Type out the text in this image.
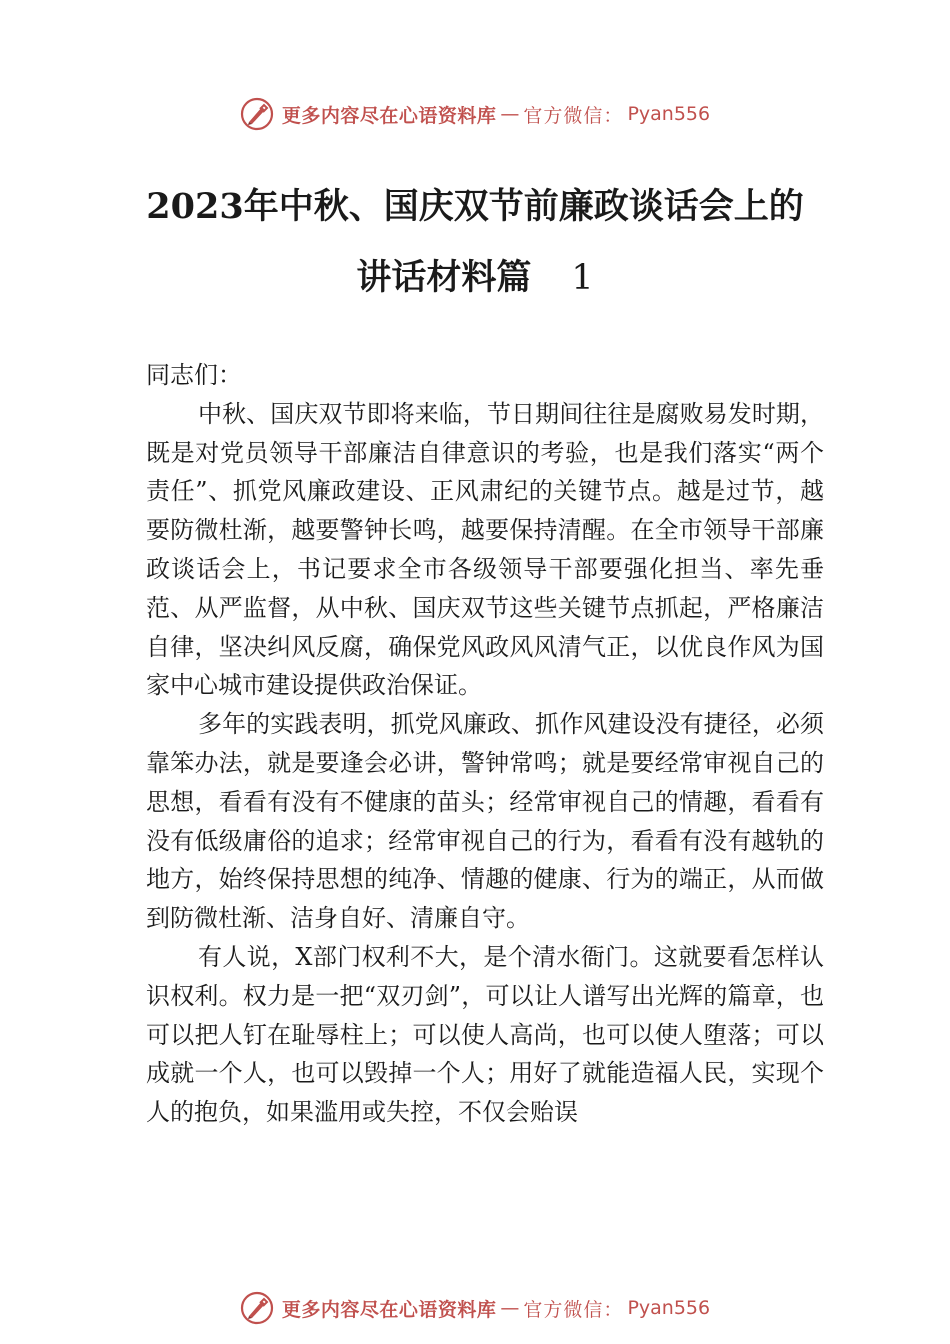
更多内容尽在心语资料库 — 官方微信： Pyan556
2023年中秋、国庆双节前廉政谈话会上的
讲话材料篇 1

同志们：

中秋、国庆双节即将来临，节日期间往往是腐败易发时期，既是对党员领导干部廉洁自律意识的考验，也是我们落实“两个责任”、抓党风廉政建设、正风肃纪的关键节点。越是过节，越要防微杜渐，越要警钟长鸣，越要保持清醒。在全市领导干部廉政谈话会上，书记要求全市各级领导干部要强化担当、率先垂范、从严监督，从中秋、国庆双节这些关键节点抓起，严格廉洁自律，坚决纠风反腐，确保党风政风风清气正，以优良作风为国家中心城市建设提供政治保证。

多年的实践表明，抓党风廉政、抓作风建设没有捷径，必须靠笨办法，就是要逢会必讲，警钟常鸣；就是要经常审视自己的思想，看看有没有不健康的苗头；经常审视自己的情趣，看看有没有低级庸俗的追求；经常审视自己的行为，看看有没有越轨的地方，始终保持思想的纯净、情趣的健康、行为的端正，从而做到防微杜渐、洁身自好、清廉自守。

有人说，X部门权利不大，是个清水衙门。这就要看怎样认识权利。权力是一把“双刃剑”，可以让人谱写出光辉的篇章，也可以把人钉在耻辱柱上；可以使人高尚，也可以使人堕落；可以成就一个人，也可以毁掉一个人；用好了就能造福人民，实现个人的抱负，如果滥用或失控，不仅会贻误

更多内容尽在心语资料库 — 官方微信： Pyan556
